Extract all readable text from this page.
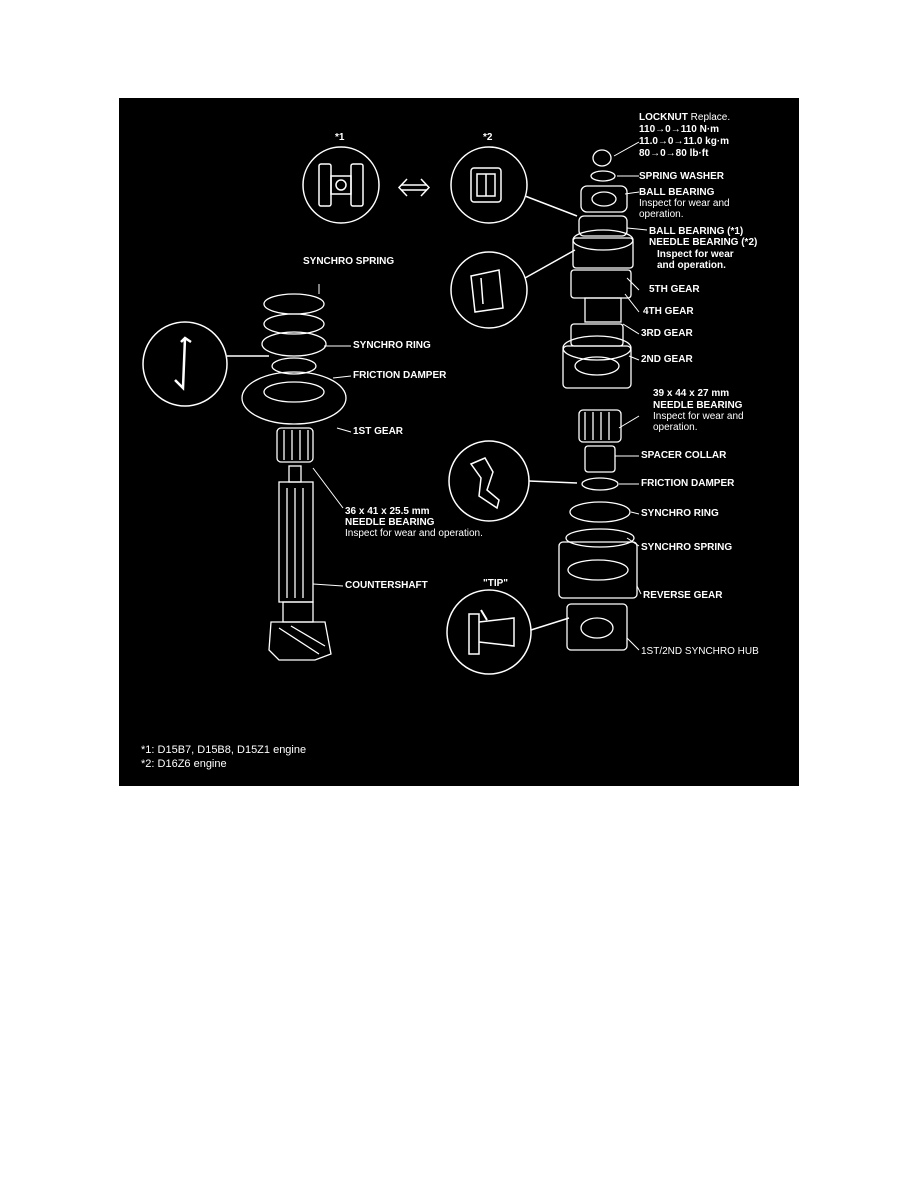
*1	*2
LOCKNUT Replace.
110→0→110 N·m
11.0→0→11.0 kg·m
80→0→80 lb·ft
SPRING WASHER
BALL BEARING
Inspect for wear and
operation.
BALL BEARING (*1)
NEEDLE BEARING (*2)
Inspect for wear
and operation.
5TH GEAR
4TH GEAR
3RD GEAR
2ND GEAR
39 x 44 x 27 mm
NEEDLE BEARING
Inspect for wear and
operation.
SPACER COLLAR
FRICTION DAMPER
SYNCHRO RING
SYNCHRO SPRING
REVERSE GEAR
1ST/2ND SYNCHRO HUB
"TIP"
SYNCHRO SPRING
SYNCHRO RING
FRICTION DAMPER
1ST GEAR
36 x 41 x 25.5 mm
NEEDLE BEARING
Inspect for wear and operation.
COUNTERSHAFT
*1: D15B7, D15B8, D15Z1 engine
*2: D16Z6 engine
